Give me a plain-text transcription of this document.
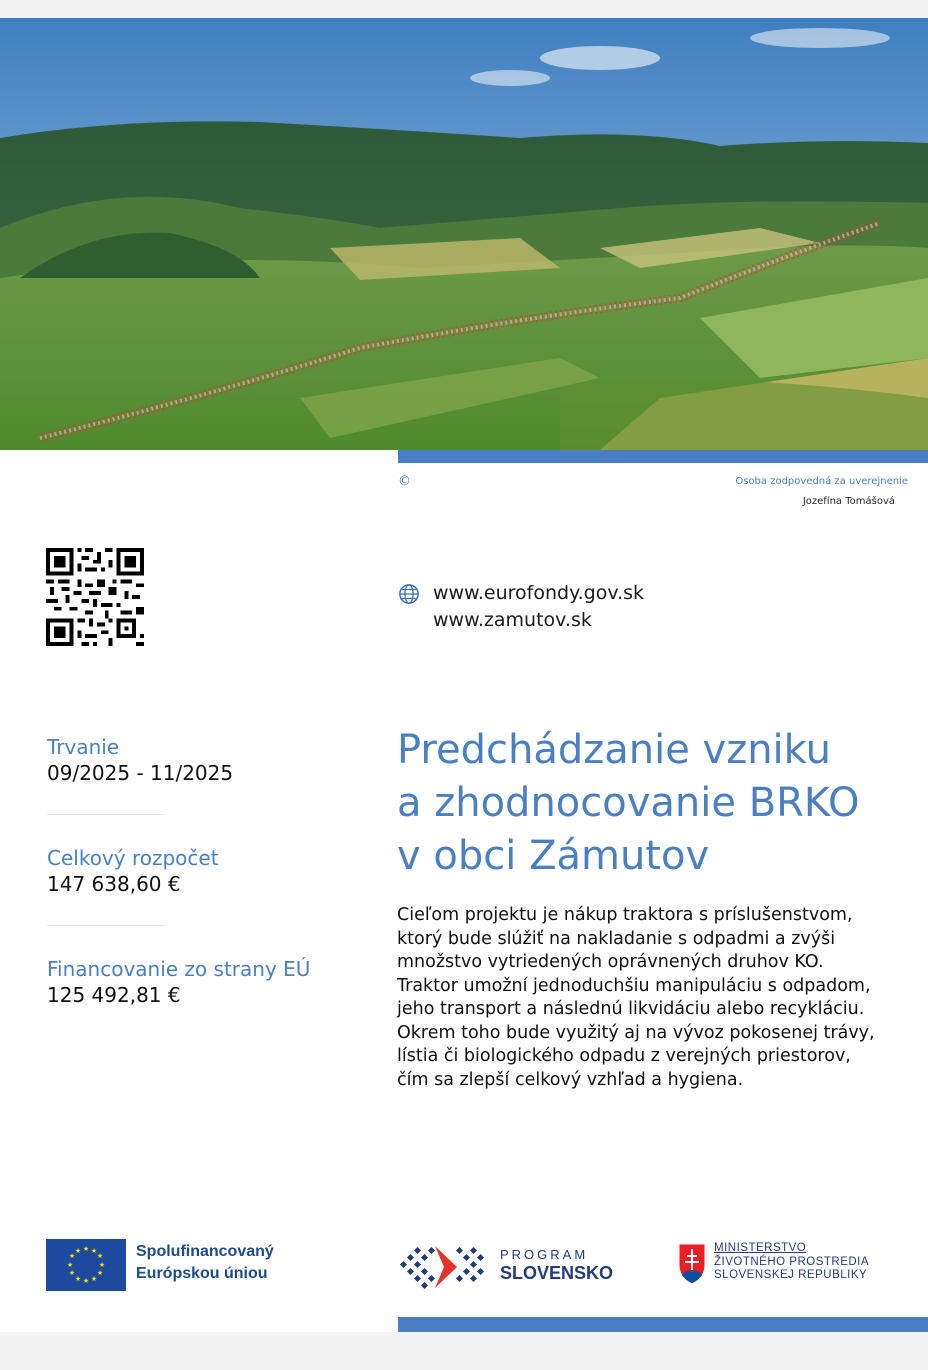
©	Osoba zodpovedná za uverejnenie
Jozefína Tomášová
www.eurofondy.gov.sk
www.zamutov.sk
Trvanie
09/2025 - 11/2025
Celkový rozpočet
147 638,60 €
Financovanie zo strany EÚ
125 492,81 €
Predchádzanie vzniku
a zhodnocovanie BRKO
v obci Zámutov
Cieľom projektu je nákup traktora s príslušenstvom, ktorý bude slúžiť na nakladanie s odpadmi a zvýši množstvo vytriedených oprávnených druhov KO. Traktor umožní jednoduchšiu manipuláciu s odpadom, jeho transport a následnú likvidáciu alebo recykláciu. Okrem toho bude využitý aj na vývoz pokosenej trávy, lístia či biologického odpadu z verejných priestorov, čím sa zlepší celkový vzhľad a hygiena.
★ ★
★
★
★
★
★
★
★
★
★
★	Spolufinancovaný
Európskou úniou
PROGRAM
SLOVENSKO
MINISTERSTVO
ŽIVOTNÉHO PROSTREDIA
SLOVENSKEJ REPUBLIKY
